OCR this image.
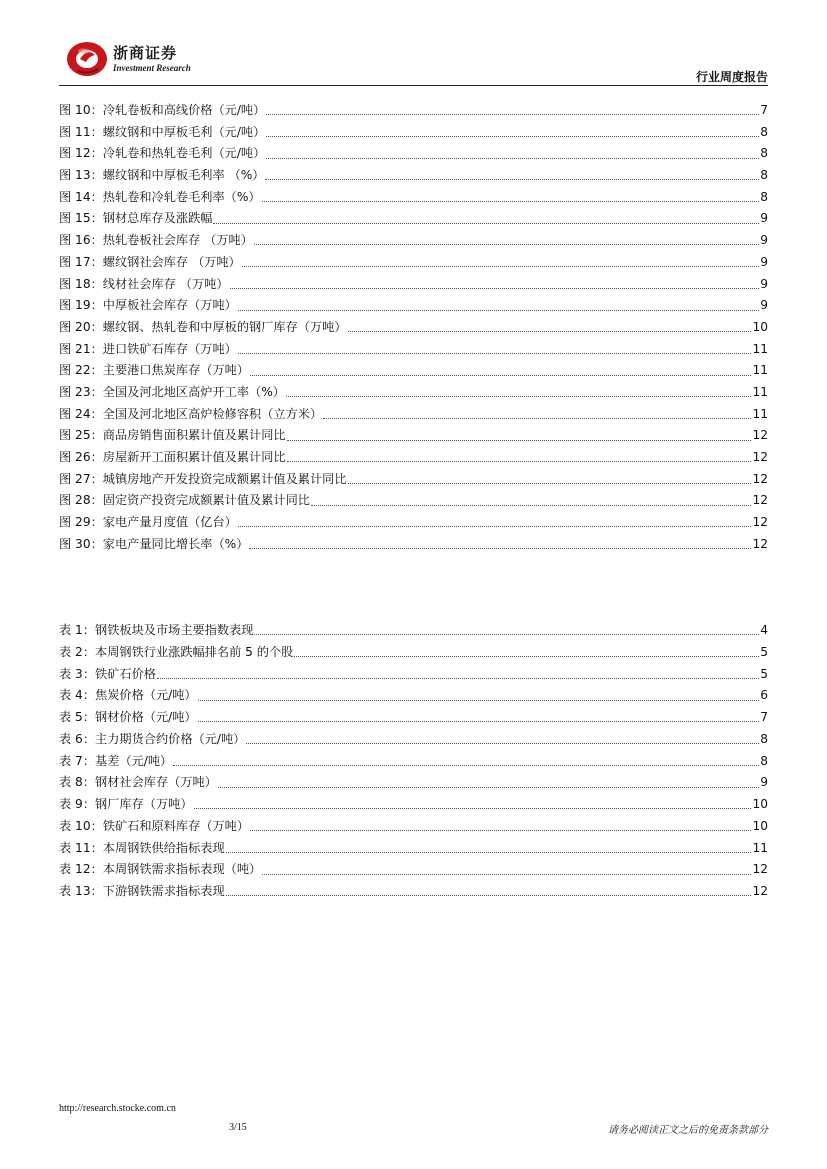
浙商证券
Investment Research
行业周度报告
图 10：冷轧卷板和高线价格（元/吨）	7
图 11：螺纹钢和中厚板毛利（元/吨）	8
图 12：冷轧卷和热轧卷毛利（元/吨）	8
图 13：螺纹钢和中厚板毛利率 （%）	8
图 14：热轧卷和冷轧卷毛利率（%）	8
图 15：钢材总库存及涨跌幅	9
图 16：热轧卷板社会库存 （万吨）	9
图 17：螺纹钢社会库存 （万吨）	9
图 18：线材社会库存 （万吨）	9
图 19：中厚板社会库存（万吨）	9
图 20：螺纹钢、热轧卷和中厚板的钢厂库存（万吨）	10
图 21：进口铁矿石库存（万吨）	11
图 22：主要港口焦炭库存（万吨）	11
图 23：全国及河北地区高炉开工率（%）	11
图 24：全国及河北地区高炉检修容积（立方米）	11
图 25：商品房销售面积累计值及累计同比	12
图 26：房屋新开工面积累计值及累计同比	12
图 27：城镇房地产开发投资完成额累计值及累计同比	12
图 28：固定资产投资完成额累计值及累计同比	12
图 29：家电产量月度值（亿台）	12
图 30：家电产量同比增长率（%）	12
表 1：钢铁板块及市场主要指数表现	4
表 2：本周钢铁行业涨跌幅排名前 5 的个股	5
表 3：铁矿石价格	5
表 4：焦炭价格（元/吨）	6
表 5：钢材价格（元/吨）	7
表 6：主力期货合约价格（元/吨）	8
表 7：基差（元/吨）	8
表 8：钢材社会库存（万吨）	9
表 9：钢厂库存（万吨）	10
表 10：铁矿石和原料库存（万吨）	10
表 11：本周钢铁供给指标表现	11
表 12：本周钢铁需求指标表现（吨）	12
表 13：下游钢铁需求指标表现	12
http://research.stocke.com.cn
3/15	请务必阅读正文之后的免责条款部分
